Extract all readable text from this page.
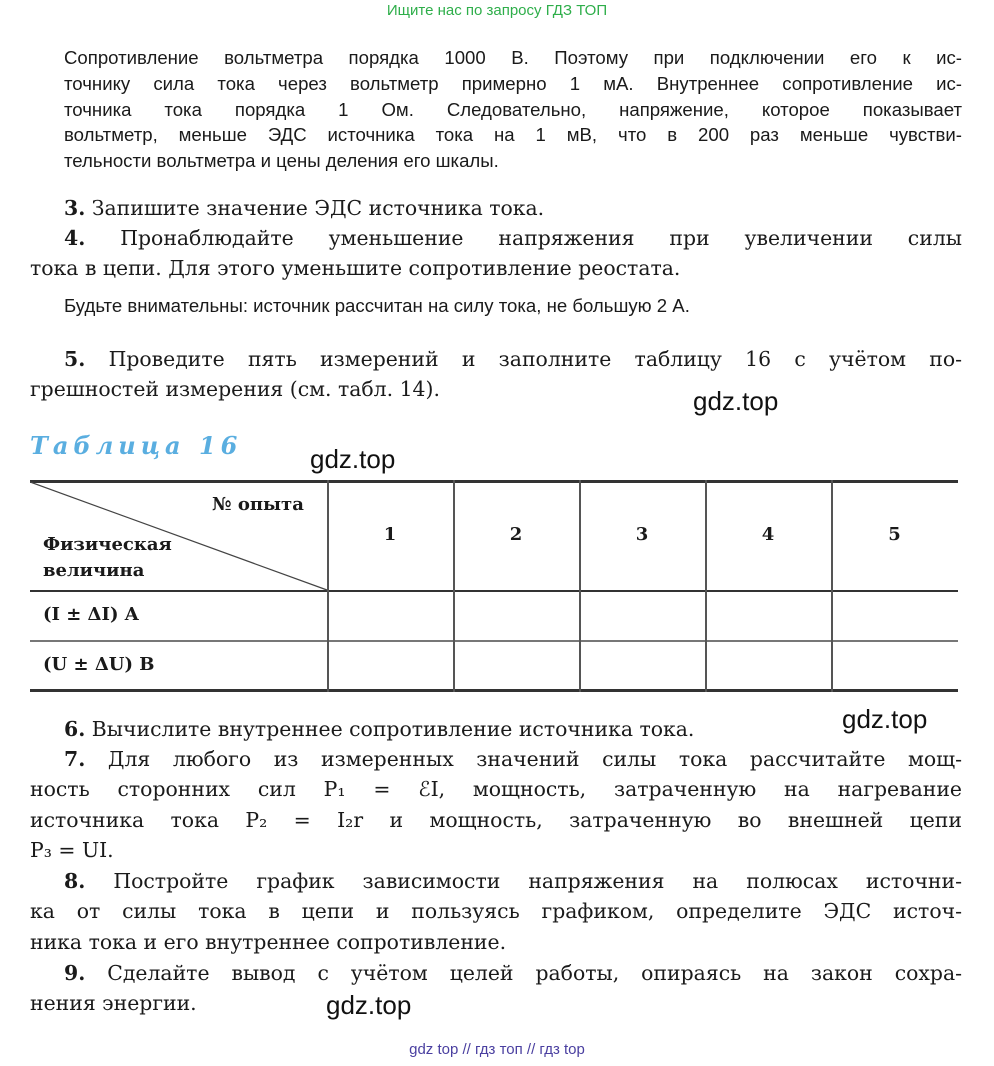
Ищите нас по запросу ГДЗ ТОП
Сопротивление вольтметра порядка 1000 В. Поэтому при подключении его к ис-
точнику сила тока через вольтметр примерно 1 мА. Внутреннее сопротивление ис-
точника тока порядка 1 Ом. Следовательно, напряжение, которое показывает
вольтметр, меньше ЭДС источника тока на 1 мВ, что в 200 раз меньше чувстви-
тельности вольтметра и цены деления его шкалы.
3. Запишите значение ЭДС источника тока.
4. Пронаблюдайте уменьшение напряжения при увеличении силы
тока в цепи. Для этого уменьшите сопротивление реостата.
Будьте внимательны: источник рассчитан на силу тока, не большую 2 А.
5. Проведите пять измерений и заполните таблицу 16 с учётом по-
грешностей измерения (см. табл. 14).	gdz.top
gdz.top
gdz.top
gdz.top
Таблица 16
№ опыта
Физическая
величина
1	2	3	4	5
(I ± ΔI) A
(U ± ΔU) B
6. Вычислите внутреннее сопротивление источника тока.
7. Для любого из измеренных значений силы тока рассчитайте мощ-
ность сторонних сил P₁ = ℰI, мощность, затраченную на нагревание
источника тока P₂ = I₂r и мощность, затраченную во внешней цепи
P₃ = UI.
8. Постройте график зависимости напряжения на полюсах источни-
ка от силы тока в цепи и пользуясь графиком, определите ЭДС источ-
ника тока и его внутреннее сопротивление.
9. Сделайте вывод с учётом целей работы, опираясь на закон сохра-
нения энергии.
gdz top // гдз топ // гдз top
